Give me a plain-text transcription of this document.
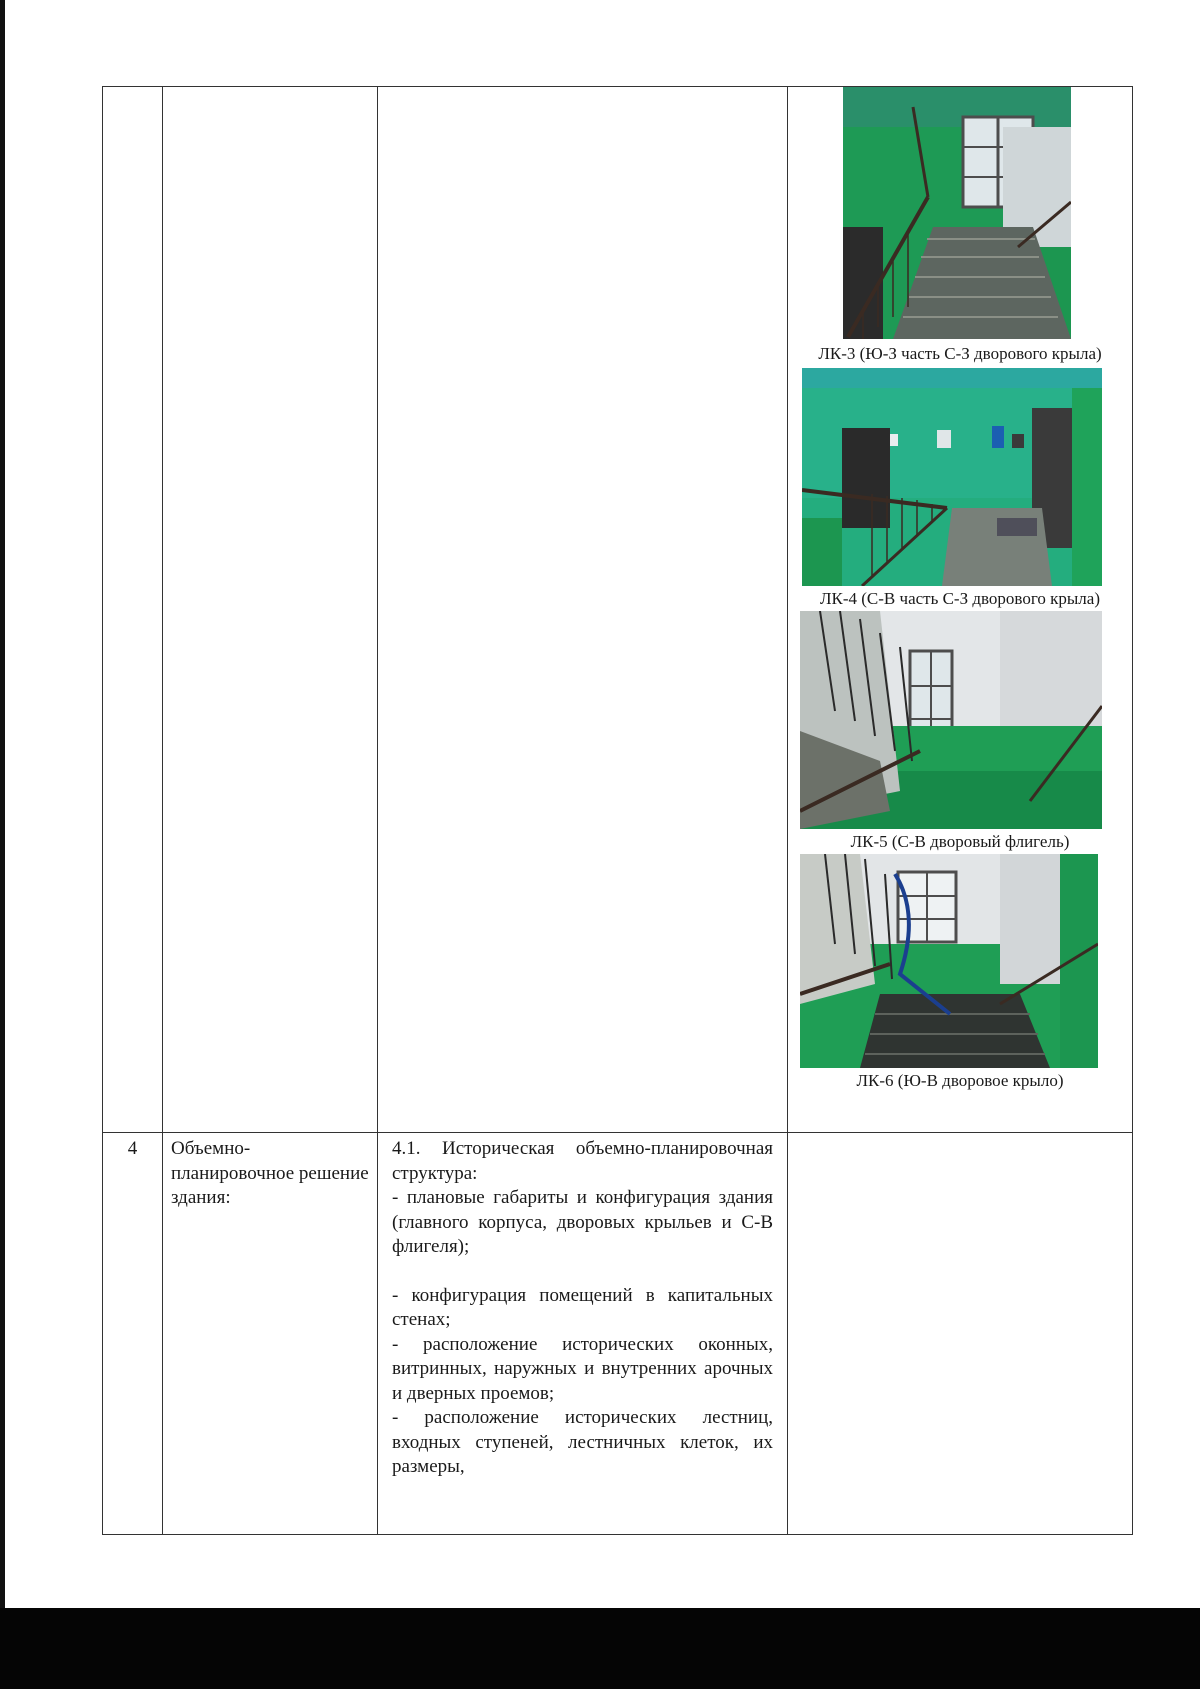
			ЛК-3 (Ю-З часть С-З дворового крыла)
ЛК-4 (С-В часть С-З дворового крыла)
ЛК-5 (С-В дворовый флигель)
ЛК-6 (Ю-В дворовое крыло)

4	Объемно-планировочное решение здания:	4.1. Историческая объемно-планировочная структура:

- плановые габариты и конфигурация здания (главного корпуса, дворовых крыльев и С-В флигеля);

- конфигурация помещений в капитальных стенах;

- расположение исторических оконных, витринных, наружных и внутренних арочных и дверных проемов;

- расположение исторических лестниц, входных ступеней, лестничных клеток, их размеры,	
